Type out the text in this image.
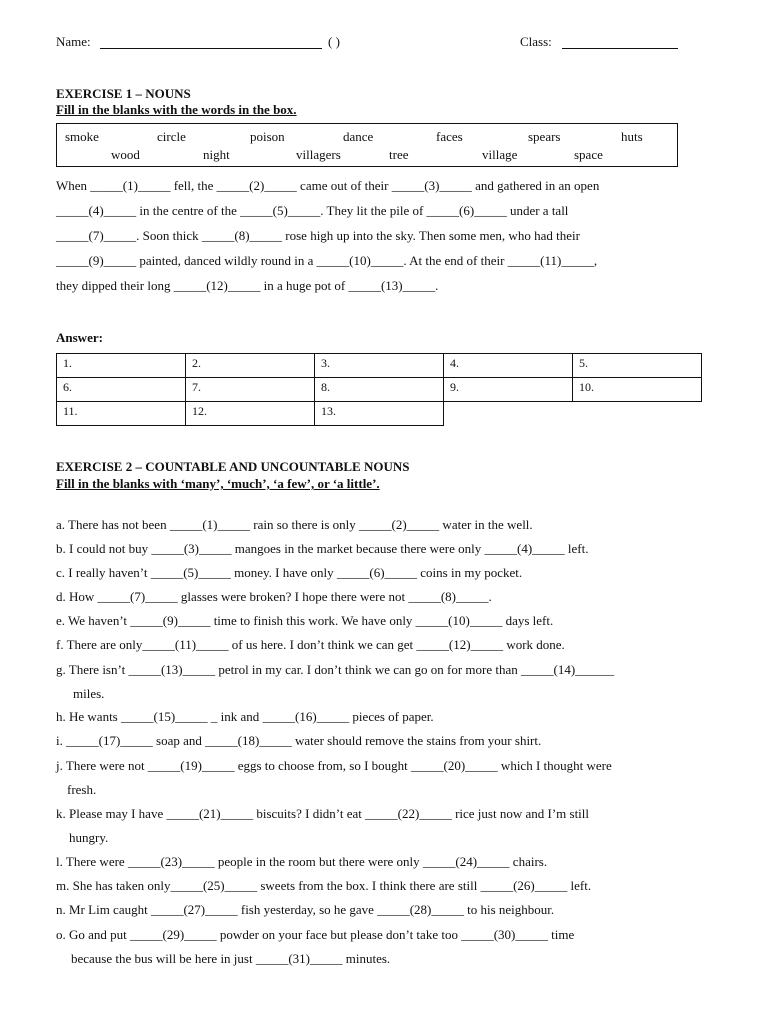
Name:	( )	Class:
EXERCISE 1 – NOUNS
Fill in the blanks with the words in the box.
smoke	circle	poison	dance	faces	spears	huts
wood	night	villagers	tree	village	space
When _____(1)_____ fell, the _____(2)_____ came out of their _____(3)_____ and gathered in an open
_____(4)_____ in the centre of the _____(5)_____. They lit the pile of _____(6)_____ under a tall
_____(7)_____. Soon thick _____(8)_____ rose high up into the sky. Then some men, who had their
_____(9)_____ painted, danced wildly round in a _____(10)_____. At the end of their _____(11)_____,
they dipped their long _____(12)_____ in a huge pot of _____(13)_____.
Answer:
1.	2.	3.	4.	5.
6.	7.	8.	9.	10.
11.	12.	13.
EXERCISE 2 – COUNTABLE AND UNCOUNTABLE NOUNS
Fill in the blanks with ‘many’, ‘much’, ‘a few’, or ‘a little’.
a. There has not been _____(1)_____ rain so there is only _____(2)_____ water in the well.
b. I could not buy _____(3)_____ mangoes in the market because there were only _____(4)_____ left.
c. I really haven’t _____(5)_____ money. I have only _____(6)_____ coins in my pocket.
d. How _____(7)_____ glasses were broken? I hope there were not _____(8)_____.
e. We haven’t _____(9)_____ time to finish this work. We have only _____(10)_____ days left.
f. There are only_____(11)_____ of us here. I don’t think we can get _____(12)_____ work done.
g. There isn’t _____(13)_____ petrol in my car. I don’t think we can go on for more than _____(14)______
miles.
h. He wants _____(15)_____ _ ink and _____(16)_____ pieces of paper.
i. _____(17)_____ soap and _____(18)_____ water should remove the stains from your shirt.
j. There were not _____(19)_____ eggs to choose from, so I bought _____(20)_____ which I thought were
fresh.
k. Please may I have _____(21)_____ biscuits? I didn’t eat _____(22)_____ rice just now and I’m still
hungry.
l. There were _____(23)_____ people in the room but there were only _____(24)_____ chairs.
m. She has taken only_____(25)_____ sweets from the box. I think there are still _____(26)_____ left.
n. Mr Lim caught _____(27)_____ fish yesterday, so he gave _____(28)_____ to his neighbour.
o. Go and put _____(29)_____ powder on your face but please don’t take too _____(30)_____ time
because the bus will be here in just _____(31)_____ minutes.
